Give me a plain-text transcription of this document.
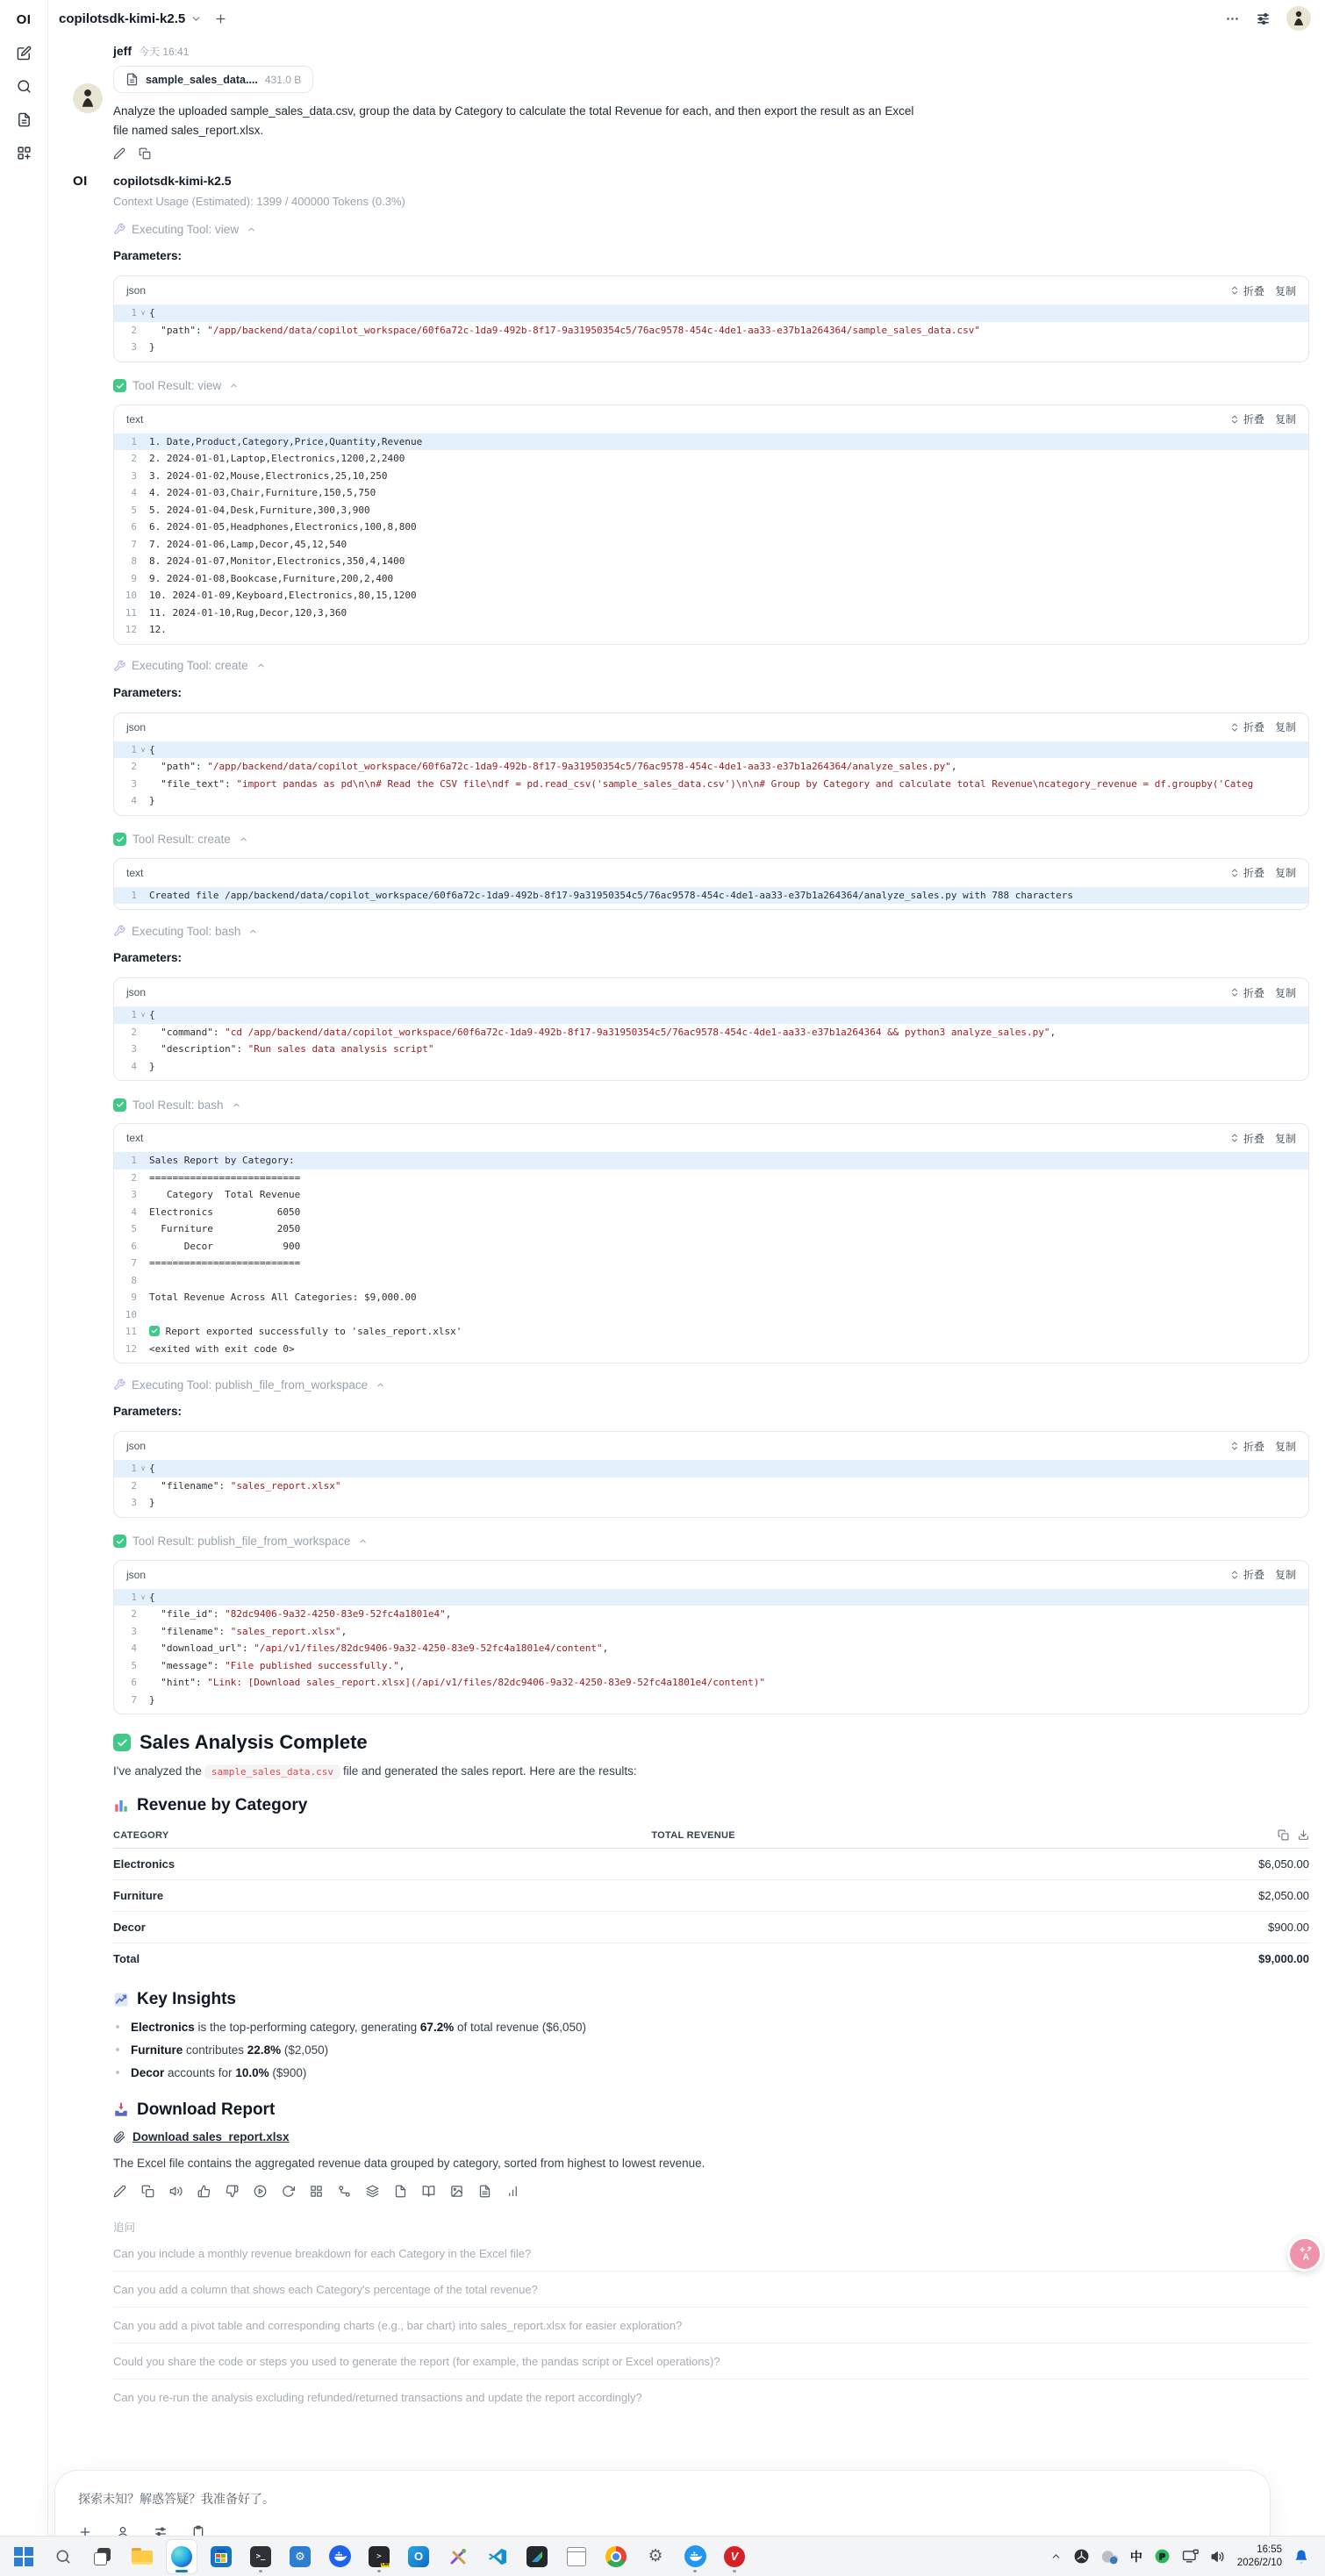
OI copilotsdk-kimi-k2.5
jeff 今天 16:41
sample_sales_data.... 431.0 B
Analyze the uploaded sample_sales_data.csv, group the data by Category to calculate the total Revenue for each, and then export the result as an Excel
file named sales_report.xlsx.
OI	copilotsdk-kimi-k2.5
Context Usage (Estimated): 1399 / 400000 Tokens (0.3%)
Executing Tool: view
Parameters:
json	折叠 复制
1 ∨ {
2 "path": "/app/backend/data/copilot_workspace/60f6a72c-1da9-492b-8f17-9a31950354c5/76ac9578-454c-4de1-aa33-e37b1a264364/sample_sales_data.csv"
3 }
Tool Result: view
text	折叠 复制
1 1. Date,Product,Category,Price,Quantity,Revenue
2 2. 2024-01-01,Laptop,Electronics,1200,2,2400
3 3. 2024-01-02,Mouse,Electronics,25,10,250
4 4. 2024-01-03,Chair,Furniture,150,5,750
5 5. 2024-01-04,Desk,Furniture,300,3,900
6 6. 2024-01-05,Headphones,Electronics,100,8,800
7 7. 2024-01-06,Lamp,Decor,45,12,540
8 8. 2024-01-07,Monitor,Electronics,350,4,1400
9 9. 2024-01-08,Bookcase,Furniture,200,2,400
10 10. 2024-01-09,Keyboard,Electronics,80,15,1200
11 11. 2024-01-10,Rug,Decor,120,3,360
12 12.
Executing Tool: create
Parameters:
json	折叠 复制
1 ∨ {
2 "path": "/app/backend/data/copilot_workspace/60f6a72c-1da9-492b-8f17-9a31950354c5/76ac9578-454c-4de1-aa33-e37b1a264364/analyze_sales.py",
3 "file_text": "import pandas as pd\n\n# Read the CSV file\ndf = pd.read_csv('sample_sales_data.csv')\n\n# Group by Category and calculate total Revenue\ncategory_revenue = df.groupby('Categ
4 }
Tool Result: create
text	折叠 复制
1 Created file /app/backend/data/copilot_workspace/60f6a72c-1da9-492b-8f17-9a31950354c5/76ac9578-454c-4de1-aa33-e37b1a264364/analyze_sales.py with 788 characters
Executing Tool: bash
Parameters:
json	折叠 复制
1 ∨ {
2 "command": "cd /app/backend/data/copilot_workspace/60f6a72c-1da9-492b-8f17-9a31950354c5/76ac9578-454c-4de1-aa33-e37b1a264364 && python3 analyze_sales.py",
3 "description": "Run sales data analysis script"
4 }
Tool Result: bash
text	折叠 复制
1 Sales Report by Category:
2 ==========================
3 Category  Total Revenue
4 Electronics           6050
5 Furniture           2050
6 Decor            900
7 ==========================
8
9 Total Revenue Across All Categories: $9,000.00
10
11	Report exported successfully to 'sales_report.xlsx'
12 <exited with exit code 0>
Executing Tool: publish_file_from_workspace
Parameters:
json	折叠 复制
1 ∨ {
2 "filename": "sales_report.xlsx"
3 }
Tool Result: publish_file_from_workspace
json	折叠 复制
1 ∨ {
2 "file_id": "82dc9406-9a32-4250-83e9-52fc4a1801e4",
3 "filename": "sales_report.xlsx",
4 "download_url": "/api/v1/files/82dc9406-9a32-4250-83e9-52fc4a1801e4/content",
5 "message": "File published successfully.",
6 "hint": "Link: [Download sales_report.xlsx](/api/v1/files/82dc9406-9a32-4250-83e9-52fc4a1801e4/content)"
7 }
Sales Analysis Complete
I've analyzed the sample_sales_data.csv file and generated the sales report. Here are the results:
Revenue by Category
CATEGORY	TOTAL REVENUE

Electronics	$6,050.00
Furniture	$2,050.00
Decor	$900.00
Total	$9,000.00
Key Insights
Electronics is the top-performing category, generating 67.2% of total revenue ($6,050)
Furniture contributes 22.8% ($2,050)
Decor accounts for 10.0% ($900)
Download Report
Download sales_report.xlsx
The Excel file contains the aggregated revenue data grouped by category, sorted from highest to lowest revenue.
追问
Can you include a monthly revenue breakdown for each Category in the Excel file?
Can you add a column that shows each Category's percentage of the total revenue?
Can you add a pivot table and corresponding charts (e.g., bar chart) into sales_report.xlsx for easier exploration?
Could you share the code or steps you used to generate the report (for example, the pandas script or Excel operations)?
Can you re-run the analysis excluding refunded/returned transactions and update the report accordingly?
探索未知？解惑答疑？我准备好了。
A
>_	⚙	>
CAN
O	⚙	V	i 中 P
16:55
2026/2/10
